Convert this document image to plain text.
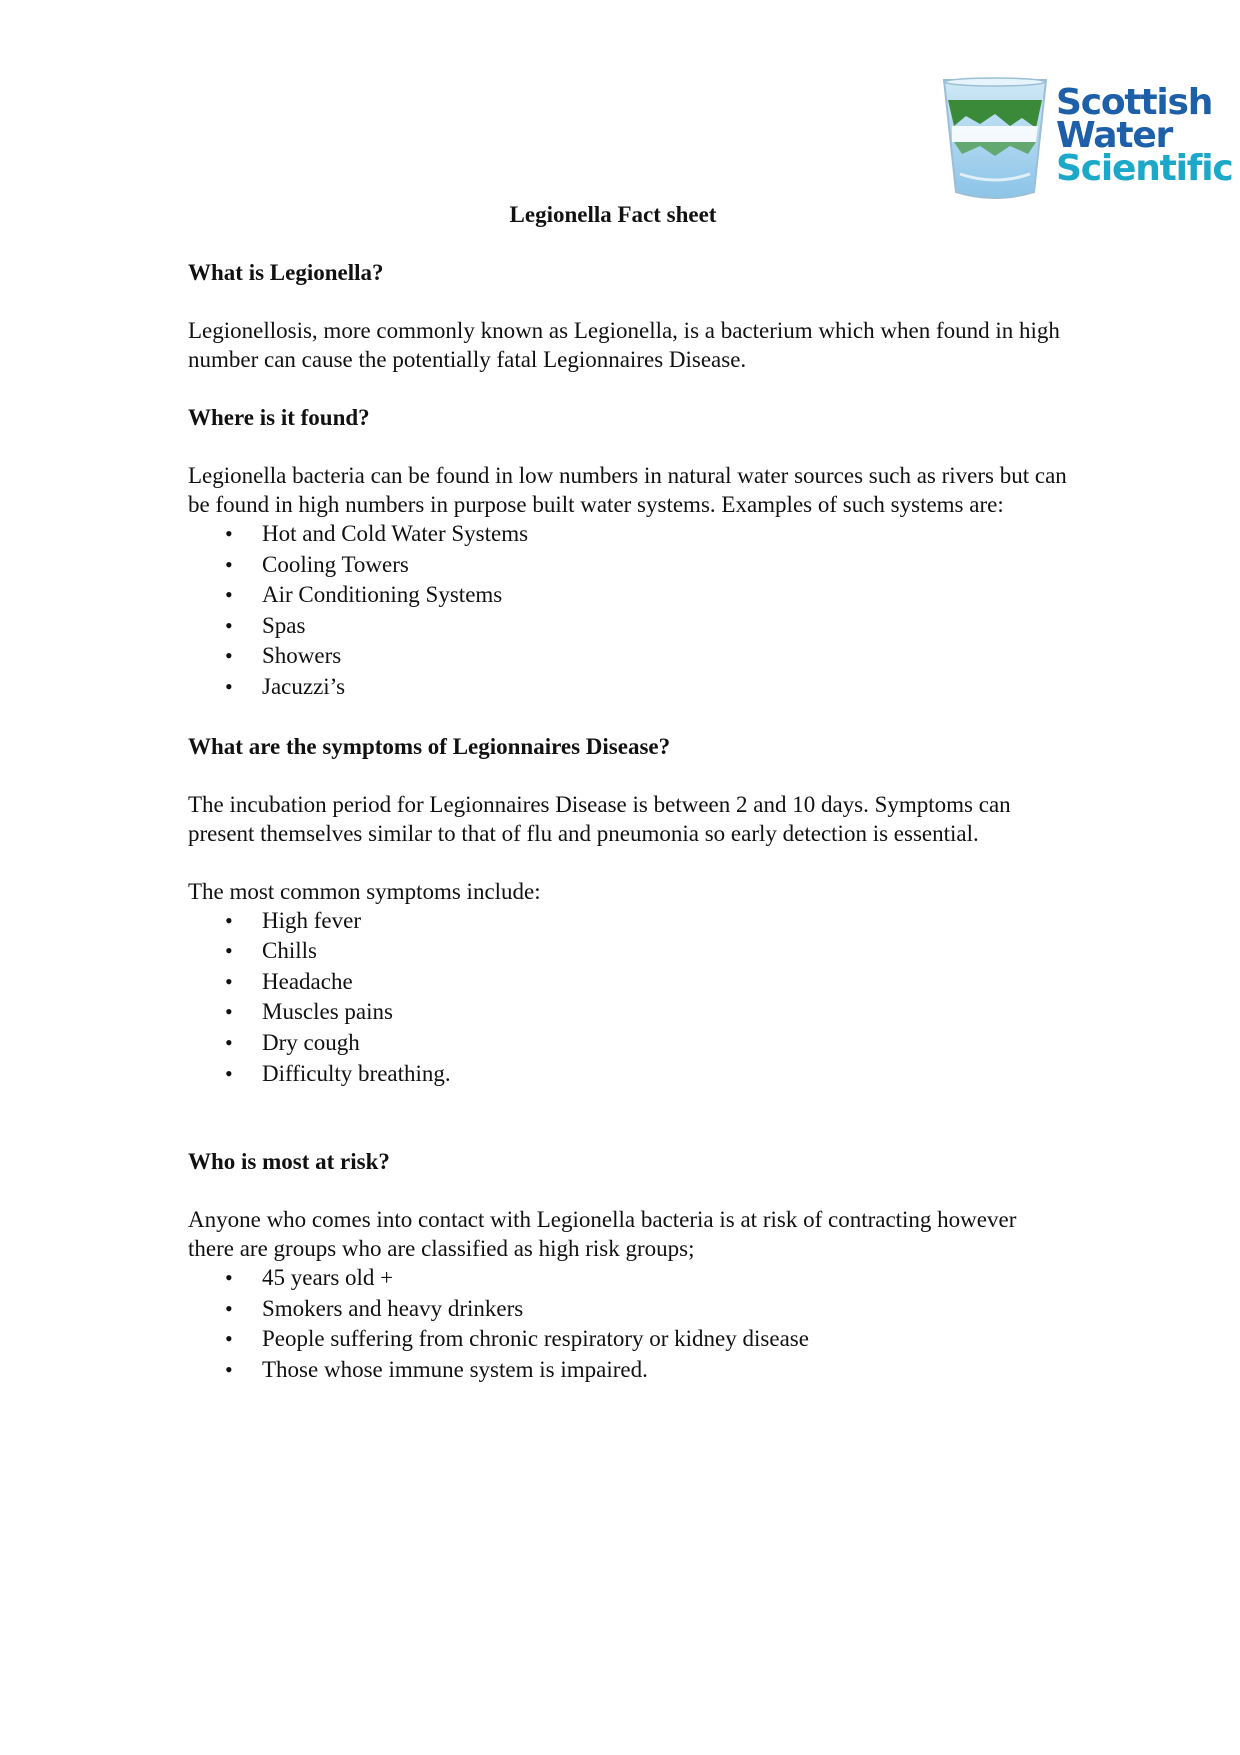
Scottish
Water
Scientific
Legionella Fact sheet
What is Legionella?

Legionellosis, more commonly known as Legionella, is a bacterium which when found in high number can cause the potentially fatal Legionnaires Disease.

Where is it found?

Legionella bacteria can be found in low numbers in natural water sources such as rivers but can be found in high numbers in purpose built water systems. Examples of such systems are:

• Hot and Cold Water Systems
• Cooling Towers
• Air Conditioning Systems
• Spas
• Showers
• Jacuzzi’s
What are the symptoms of Legionnaires Disease?

The incubation period for Legionnaires Disease is between 2 and 10 days. Symptoms can present themselves similar to that of flu and pneumonia so early detection is essential.

The most common symptoms include:

• High fever
• Chills
• Headache
• Muscles pains
• Dry cough
• Difficulty breathing.
Who is most at risk?

Anyone who comes into contact with Legionella bacteria is at risk of contracting however there are groups who are classified as high risk groups;

• 45 years old +
• Smokers and heavy drinkers
• People suffering from chronic respiratory or kidney disease
• Those whose immune system is impaired.
